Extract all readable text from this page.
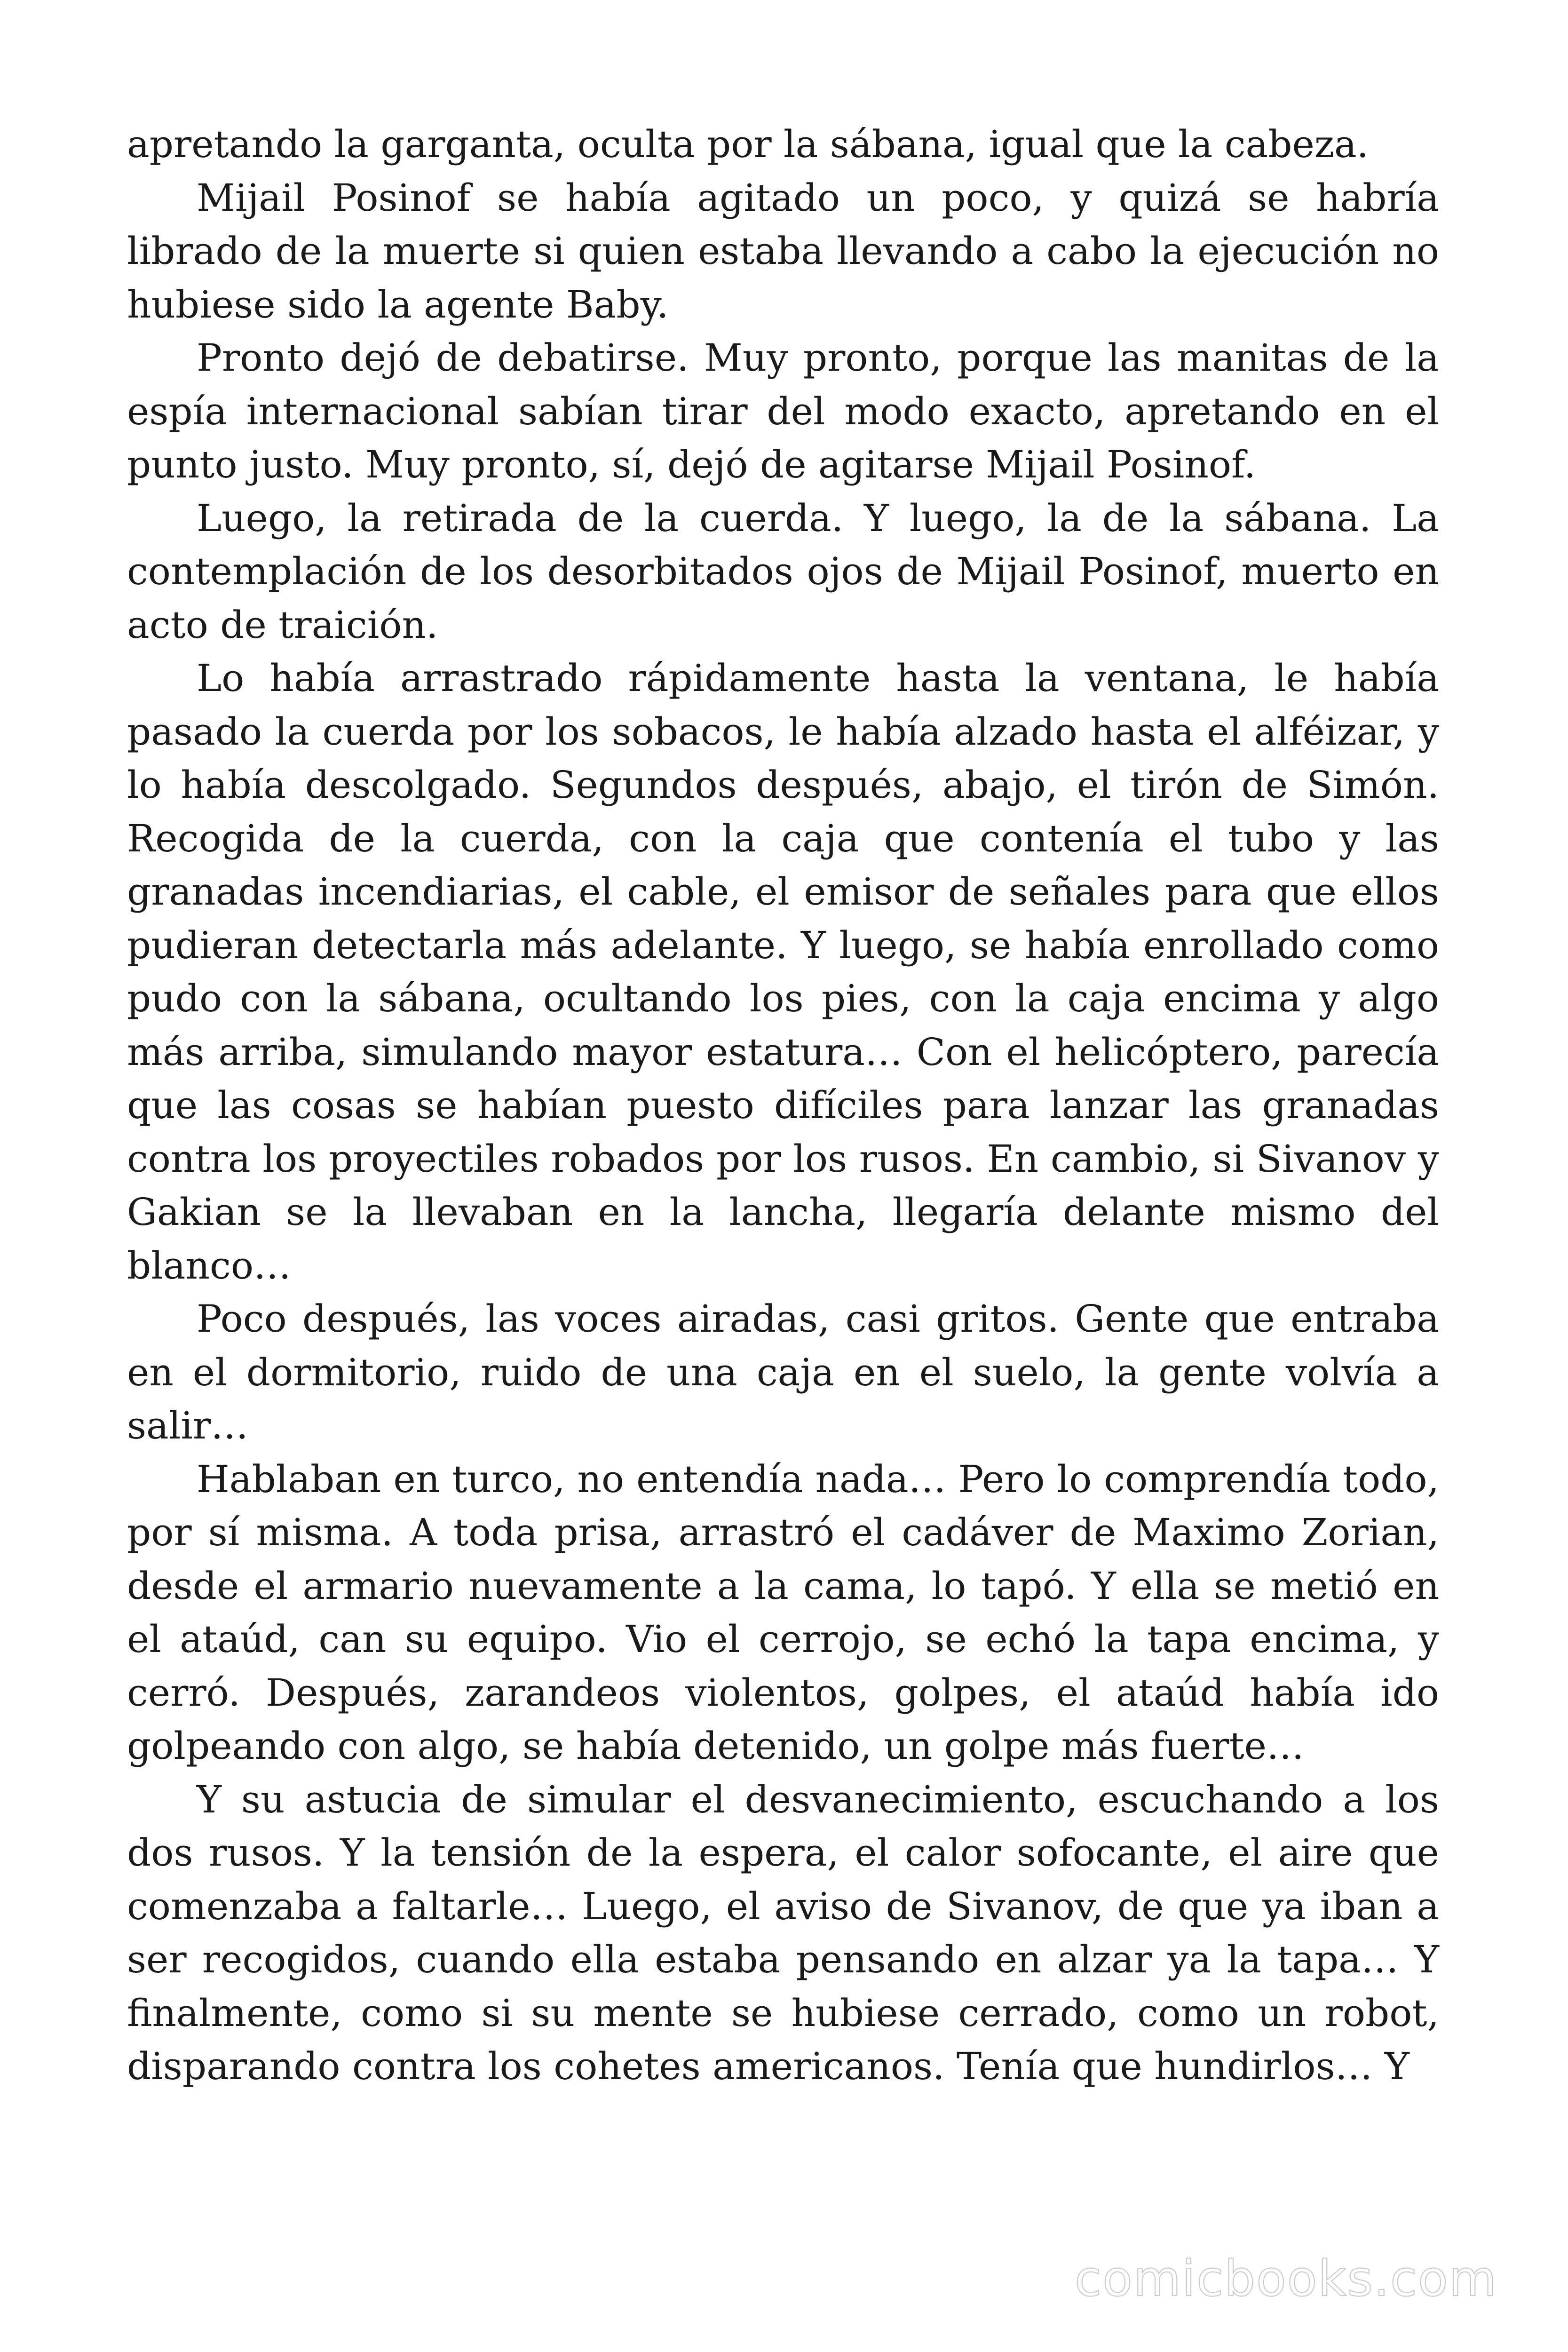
apretando la garganta, oculta por la sábana, igual que la cabeza.

Mijail Posinof se había agitado un poco, y quizá se habría librado de la muerte si quien estaba llevando a cabo la ejecución no hubiese sido la agente Baby.

Pronto dejó de debatirse. Muy pronto, porque las manitas de la espía internacional sabían tirar del modo exacto, apretando en el punto justo. Muy pronto, sí, dejó de agitarse Mijail Posinof.

Luego, la retirada de la cuerda. Y luego, la de la sábana. La contemplación de los desorbitados ojos de Mijail Posinof, muerto en acto de traición.

Lo había arrastrado rápidamente hasta la ventana, le había pasado la cuerda por los sobacos, le había alzado hasta el alféizar, y lo había descolgado. Segundos después, abajo, el tirón de Simón. Recogida de la cuerda, con la caja que contenía el tubo y las granadas incendiarias, el cable, el emisor de señales para que ellos pudieran detectarla más adelante. Y luego, se había enrollado como pudo con la sábana, ocultando los pies, con la caja encima y algo más arriba, simulando mayor estatura… Con el helicóptero, parecía que las cosas se habían puesto difíciles para lanzar las granadas contra los proyectiles robados por los rusos. En cambio, si Sivanov y Gakian se la llevaban en la lancha, llegaría delante mismo del blanco…

Poco después, las voces airadas, casi gritos. Gente que entraba en el dormitorio, ruido de una caja en el suelo, la gente volvía a salir…

Hablaban en turco, no entendía nada… Pero lo comprendía todo, por sí misma. A toda prisa, arrastró el cadáver de Maximo Zorian, desde el armario nuevamente a la cama, lo tapó. Y ella se metió en el ataúd, can su equipo. Vio el cerrojo, se echó la tapa encima, y cerró. Después, zarandeos violentos, golpes, el ataúd había ido golpeando con algo, se había detenido, un golpe más fuerte…

Y su astucia de simular el desvanecimiento, escuchando a los dos rusos. Y la tensión de la espera, el calor sofocante, el aire que comenzaba a faltarle… Luego, el aviso de Sivanov, de que ya iban a ser recogidos, cuando ella estaba pensando en alzar ya la tapa… Y finalmente, como si su mente se hubiese cerrado, como un robot, disparando contra los cohetes americanos. Tenía que hundirlos… Y

comicbooks.com
